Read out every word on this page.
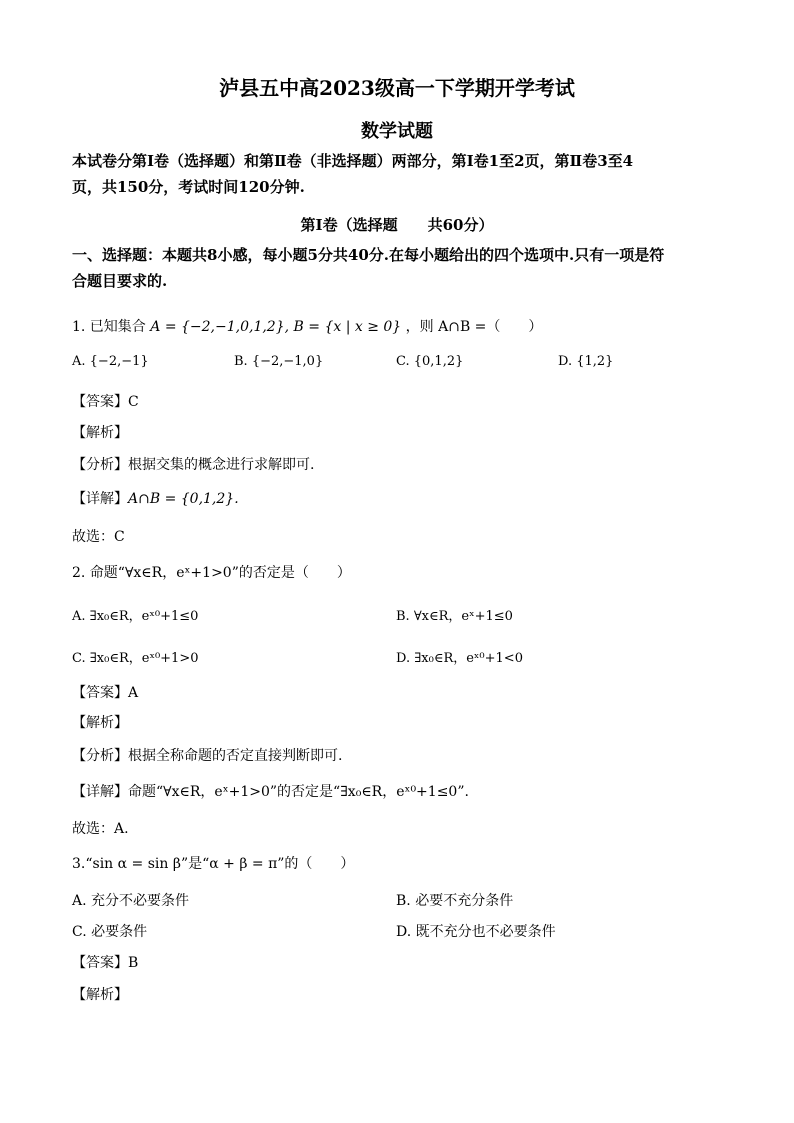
泸县五中高2023级高一下学期开学考试
数学试题
本试卷分第Ⅰ卷（选择题）和第Ⅱ卷（非选择题）两部分，第Ⅰ卷1至2页，第Ⅱ卷3至4
页，共150分，考试时间120分钟.
第Ⅰ卷（选择题　　共60分）
一、选择题：本题共8小感，每小题5分共40分.在每小题给出的四个选项中.只有一项是符
合题目要求的.
1. 已知集合 A = {−2,−1,0,1,2}, B = {x | x ≥ 0} ，则 A∩B =（　　）
A. {−2,−1}	B. {−2,−1,0}	C. {0,1,2}	D. {1,2}
【答案】C
【解析】
【分析】根据交集的概念进行求解即可.
【详解】A∩B = {0,1,2}.
故选：C
2. 命题“∀x∈R，eˣ+1>0”的否定是（　　）
A. ∃x₀∈R，eˣ⁰+1≤0	B. ∀x∈R，eˣ+1≤0
C. ∃x₀∈R，eˣ⁰+1>0	D. ∃x₀∈R，eˣ⁰+1<0
【答案】A
【解析】
【分析】根据全称命题的否定直接判断即可.
【详解】命题“∀x∈R，eˣ+1>0”的否定是“∃x₀∈R，eˣ⁰+1≤0”.
故选：A.
3.“sin α = sin β”是“α + β = π”的（　　）
A. 充分不必要条件	B. 必要不充分条件
C. 必要条件	D. 既不充分也不必要条件
【答案】B
【解析】
